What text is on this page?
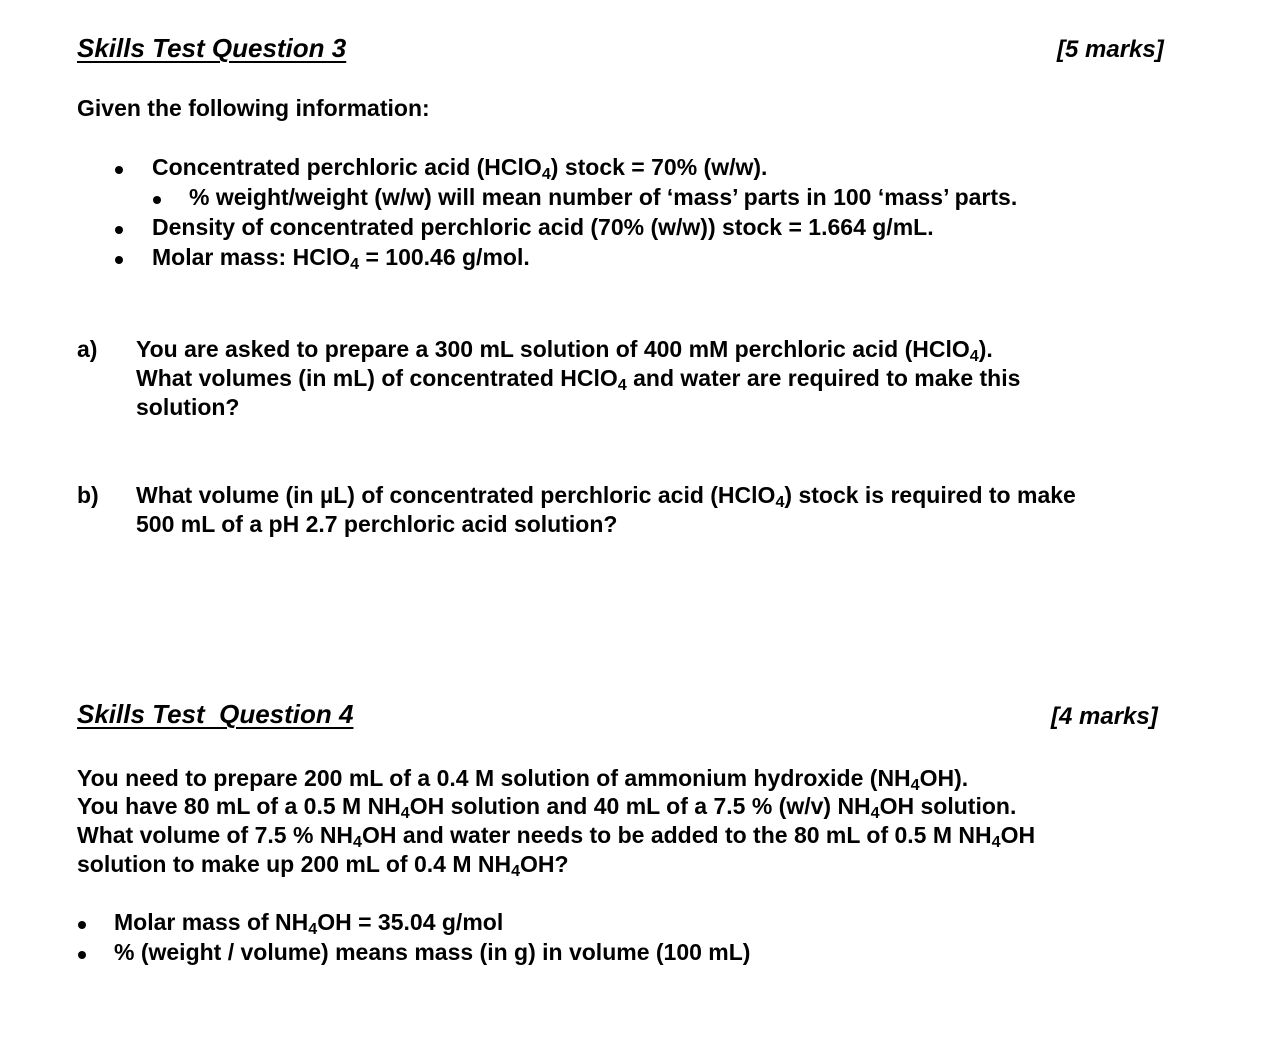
Skills Test Question 3	[5 marks]
Given the following information:
Concentrated perchloric acid (HClO$_4$) stock = 70% (w/w).
% weight/weight (w/w) will mean number of ‘mass’ parts in 100 ‘mass’ parts.
Density of concentrated perchloric acid (70% (w/w)) stock = 1.664 g/mL.
Molar mass: HClO$_4$ = 100.46 g/mol.
a) You are asked to prepare a 300 mL solution of 400 mM perchloric acid (HClO$_4$).
What volumes (in mL) of concentrated HClO$_4$ and water are required to make this
solution?
b) What volume (in µL) of concentrated perchloric acid (HClO$_4$) stock is required to make
500 mL of a pH 2.7 perchloric acid solution?
Skills Test  Question 4	[4 marks]
You need to prepare 200 mL of a 0.4 M solution of ammonium hydroxide $(NH_4OH)$.
You have 80 mL of a 0.5 M $NH_4OH$ solution and 40 mL of a 7.5 % (w/v) $NH_4OH$ solution.
What volume of 7.5 % $NH_4OH$ and water needs to be added to the 80 mL of 0.5 M $NH_4OH$
solution to make up 200 mL of 0.4 M $NH_4OH$?
Molar mass of $NH_4OH = 35.04$ g/mol
% (weight / volume) means mass (in g) in volume (100 mL)
